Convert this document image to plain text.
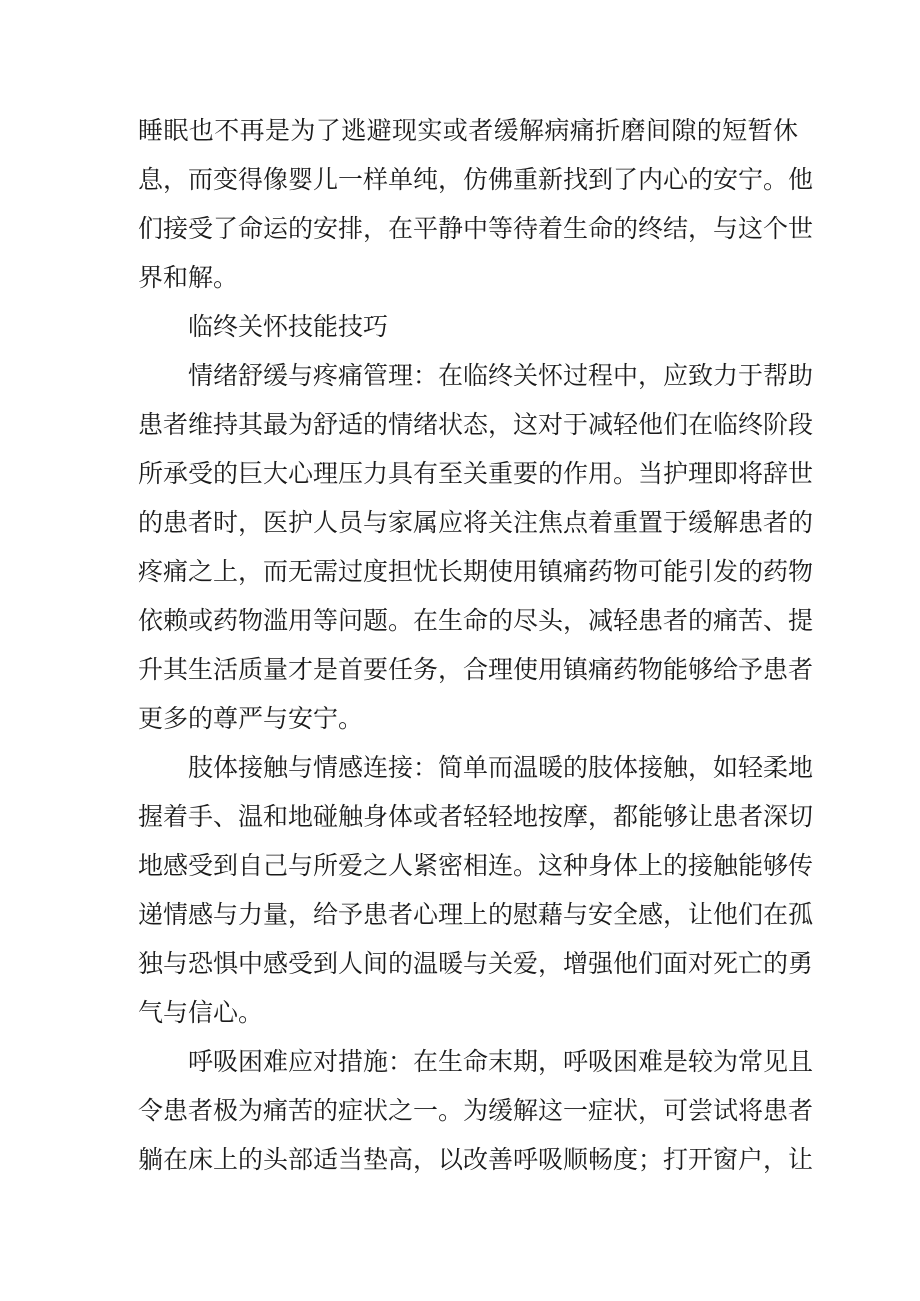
睡眠也不再是为了逃避现实或者缓解病痛折磨间隙的短暂休
息，而变得像婴儿一样单纯，仿佛重新找到了内心的安宁。他
们接受了命运的安排，在平静中等待着生命的终结，与这个世
界和解。
临终关怀技能技巧
情绪舒缓与疼痛管理：在临终关怀过程中，应致力于帮助
患者维持其最为舒适的情绪状态，这对于减轻他们在临终阶段
所承受的巨大心理压力具有至关重要的作用。当护理即将辞世
的患者时，医护人员与家属应将关注焦点着重置于缓解患者的
疼痛之上，而无需过度担忧长期使用镇痛药物可能引发的药物
依赖或药物滥用等问题。在生命的尽头，减轻患者的痛苦、提
升其生活质量才是首要任务，合理使用镇痛药物能够给予患者
更多的尊严与安宁。
肢体接触与情感连接：简单而温暖的肢体接触，如轻柔地
握着手、温和地碰触身体或者轻轻地按摩，都能够让患者深切
地感受到自己与所爱之人紧密相连。这种身体上的接触能够传
递情感与力量，给予患者心理上的慰藉与安全感，让他们在孤
独与恐惧中感受到人间的温暖与关爱，增强他们面对死亡的勇
气与信心。
呼吸困难应对措施：在生命末期，呼吸困难是较为常见且
令患者极为痛苦的症状之一。为缓解这一症状，可尝试将患者
躺在床上的头部适当垫高，以改善呼吸顺畅度；打开窗户，让
